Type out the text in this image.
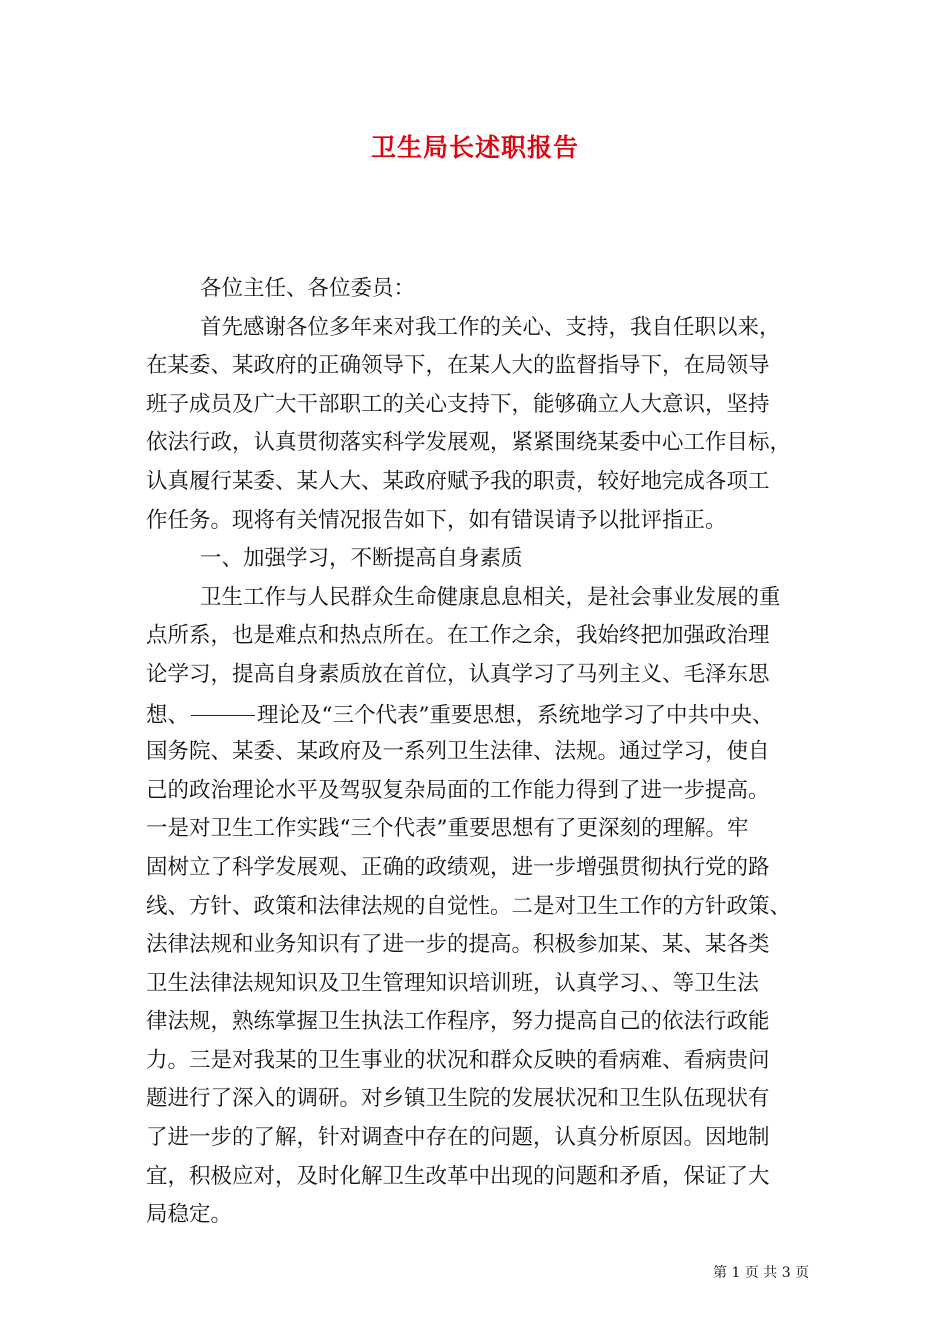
卫生局长述职报告
各位主任、各位委员：
首先感谢各位多年来对我工作的关心、支持，我自任职以来，
在某委、某政府的正确领导下，在某人大的监督指导下，在局领导
班子成员及广大干部职工的关心支持下，能够确立人大意识，坚持
依法行政，认真贯彻落实科学发展观，紧紧围绕某委中心工作目标，
认真履行某委、某人大、某政府赋予我的职责，较好地完成各项工
作任务。现将有关情况报告如下，如有错误请予以批评指正。
一、加强学习，不断提高自身素质
卫生工作与人民群众生命健康息息相关，是社会事业发展的重
点所系，也是难点和热点所在。在工作之余，我始终把加强政治理
论学习，提高自身素质放在首位，认真学习了马列主义、毛泽东思
想、	理论及“三个代表”重要思想，系统地学习了中共中央、
国务院、某委、某政府及一系列卫生法律、法规。通过学习，使自
己的政治理论水平及驾驭复杂局面的工作能力得到了进一步提高。
一是对卫生工作实践“三个代表”重要思想有了更深刻的理解。牢
固树立了科学发展观、正确的政绩观，进一步增强贯彻执行党的路
线、方针、政策和法律法规的自觉性。二是对卫生工作的方针政策、
法律法规和业务知识有了进一步的提高。积极参加某、某、某各类
卫生法律法规知识及卫生管理知识培训班，认真学习、、等卫生法
律法规，熟练掌握卫生执法工作程序，努力提高自己的依法行政能
力。三是对我某的卫生事业的状况和群众反映的看病难、看病贵问
题进行了深入的调研。对乡镇卫生院的发展状况和卫生队伍现状有
了进一步的了解，针对调查中存在的问题，认真分析原因。因地制
宜，积极应对，及时化解卫生改革中出现的问题和矛盾，保证了大
局稳定。
第 1 页 共 3 页
